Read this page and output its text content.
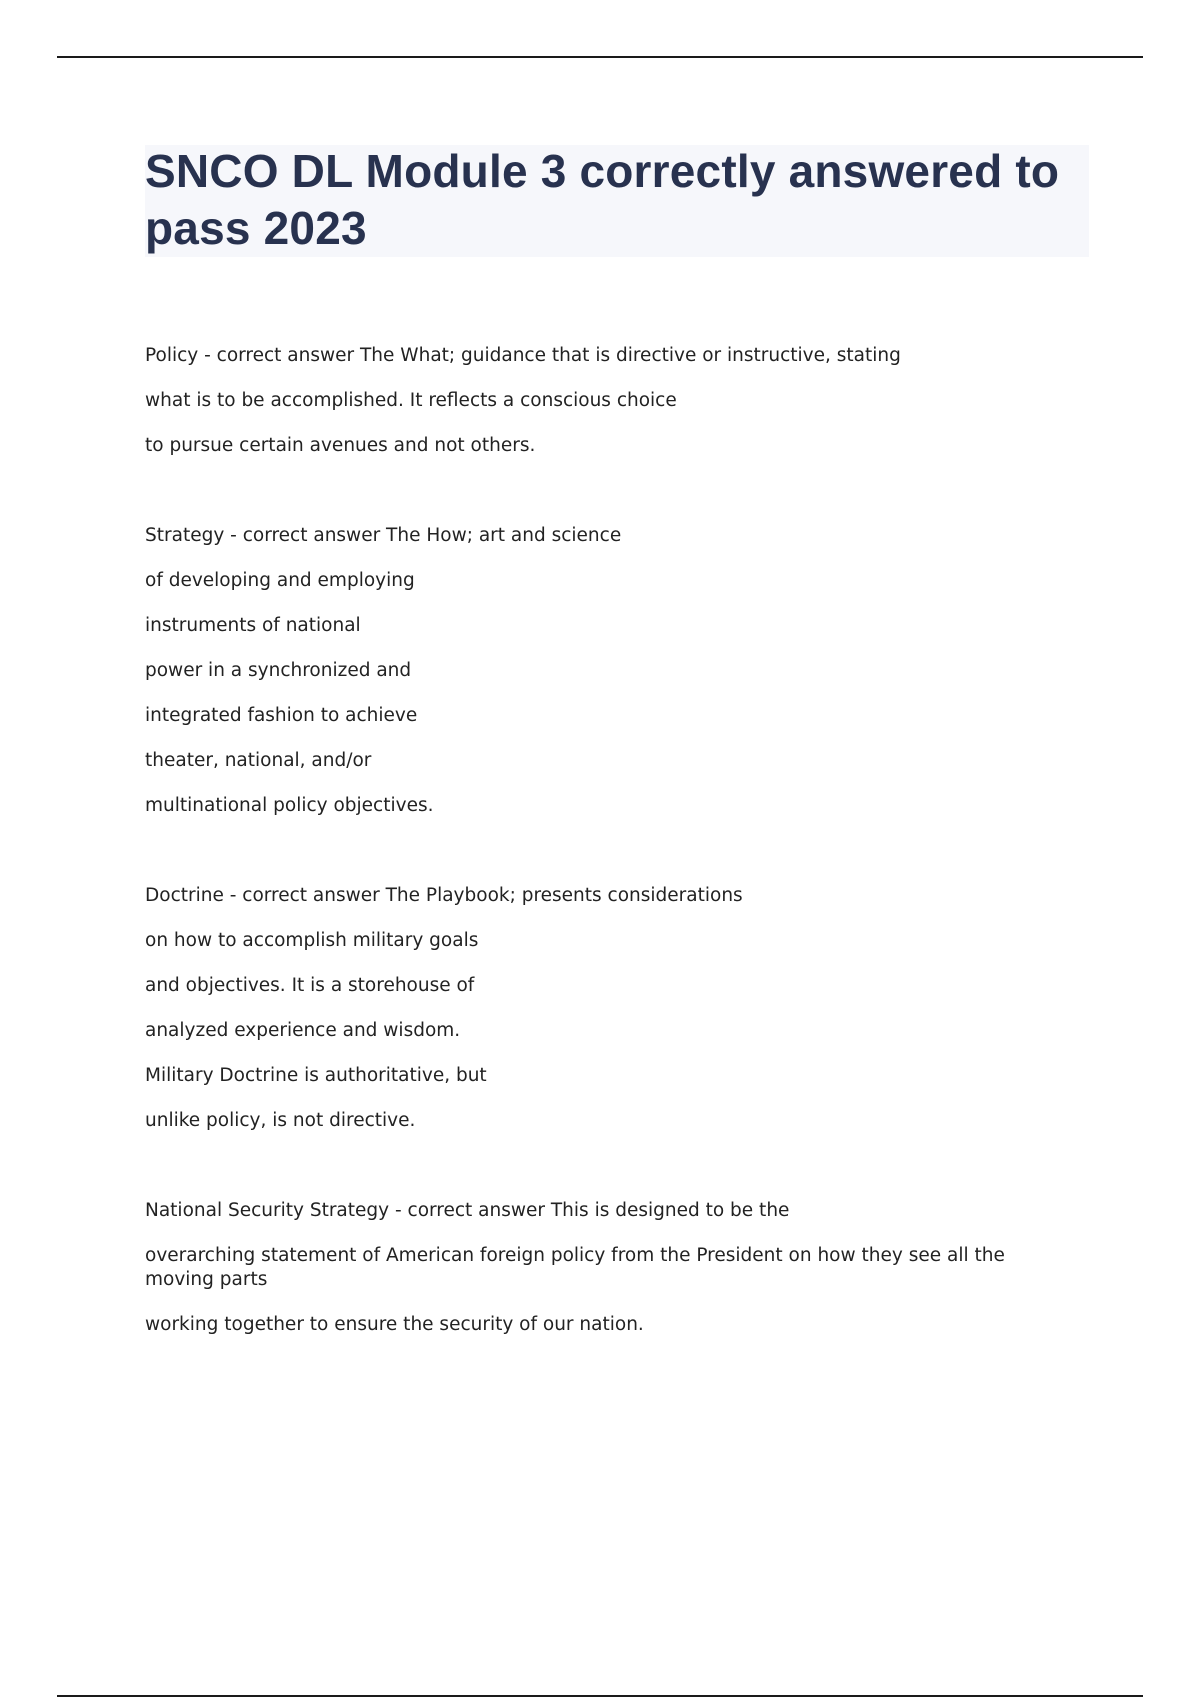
SNCO DL Module 3 correctly answered to pass 2023
Policy - correct answer The What; guidance that is directive or instructive, stating
what is to be accomplished. It reflects a conscious choice
to pursue certain avenues and not others.
Strategy - correct answer The How; art and science
of developing and employing
instruments of national
power in a synchronized and
integrated fashion to achieve
theater, national, and/or
multinational policy objectives.
Doctrine - correct answer The Playbook; presents considerations
on how to accomplish military goals
and objectives. It is a storehouse of
analyzed experience and wisdom.
Military Doctrine is authoritative, but
unlike policy, is not directive.
National Security Strategy - correct answer This is designed to be the
overarching statement of American foreign policy from the President on how they see all the moving parts
working together to ensure the security of our nation.
